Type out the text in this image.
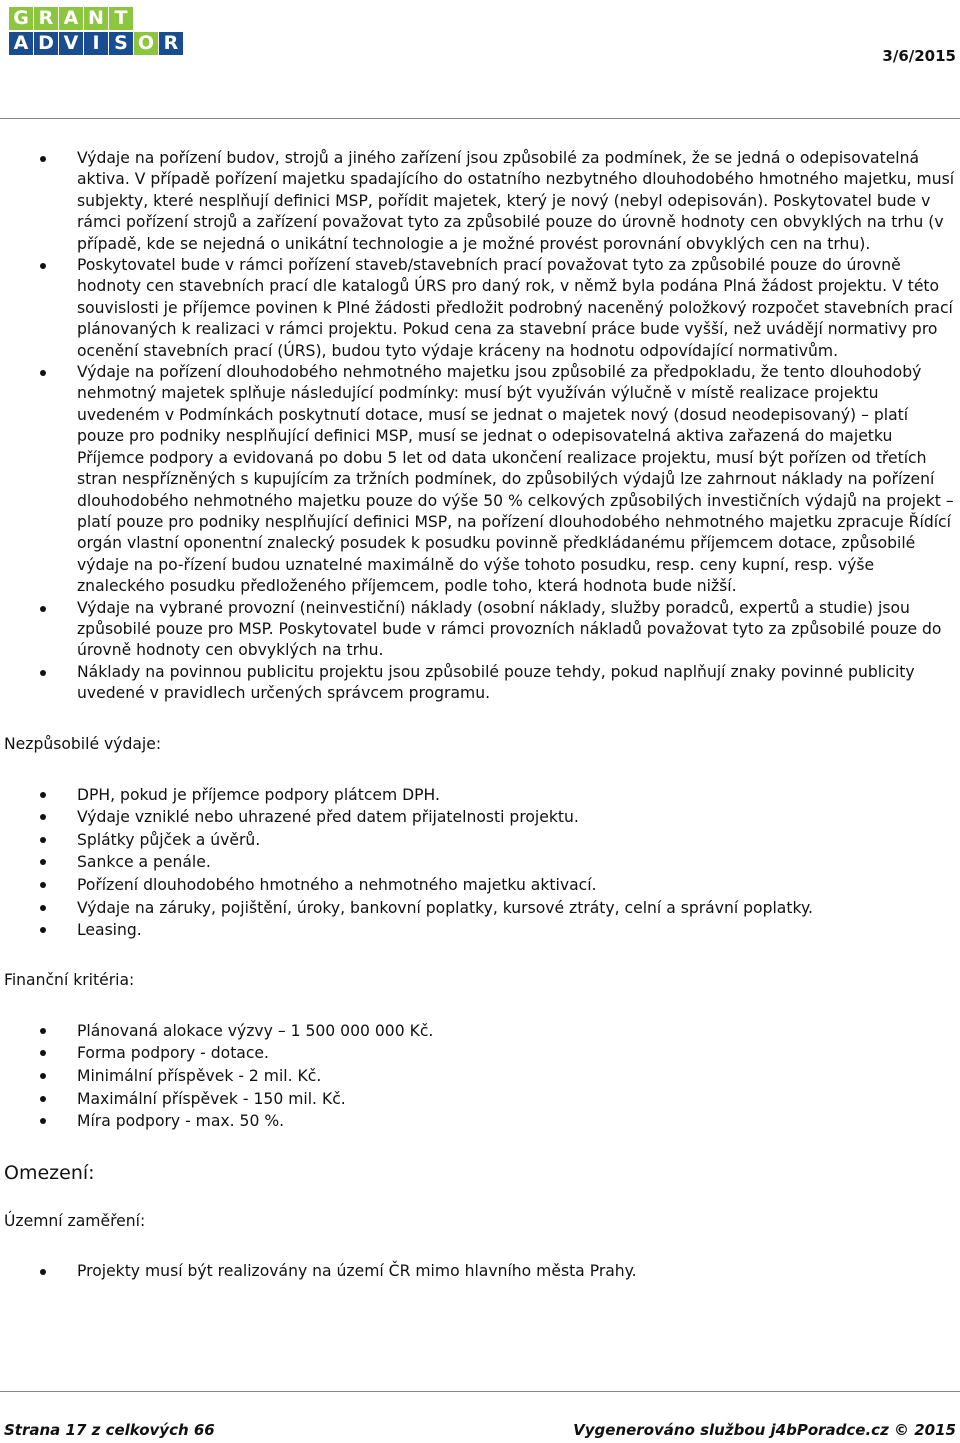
G R A N T
A D V I S O R
3/6/2015
Výdaje na pořízení budov, strojů a jiného zařízení jsou způsobilé za podmínek, že se jedná o odepisovatelná aktiva. V případě pořízení majetku spadajícího do ostatního nezbytného dlouhodobého hmotného majetku, musí subjekty, které nesplňují definici MSP, pořídit majetek, který je nový (nebyl odepisován). Poskytovatel bude v rámci pořízení strojů a zařízení považovat tyto za způsobilé pouze do úrovně hodnoty cen obvyklých na trhu (v případě, kde se nejedná o unikátní technologie a je možné provést porovnání obvyklých cen na trhu).
Poskytovatel bude v rámci pořízení staveb/stavebních prací považovat tyto za způsobilé pouze do úrovně hodnoty cen stavebních prací dle katalogů ÚRS pro daný rok, v němž byla podána Plná žádost projektu. V této souvislosti je příjemce povinen k Plné žádosti předložit podrobný naceněný položkový rozpočet stavebních prací plánovaných k realizaci v rámci projektu. Pokud cena za stavební práce bude vyšší, než uvádějí normativy pro ocenění stavebních prací (ÚRS), budou tyto výdaje kráceny na hodnotu odpovídající normativům.
Výdaje na pořízení dlouhodobého nehmotného majetku jsou způsobilé za předpokladu, že tento dlouhodobý nehmotný majetek splňuje následující podmínky: musí být využíván výlučně v místě realizace projektu uvedeném v Podmínkách poskytnutí dotace, musí se jednat o majetek nový (dosud neodepisovaný) – platí pouze pro podniky nesplňující definici MSP, musí se jednat o odepisovatelná aktiva zařazená do majetku Příjemce podpory a evidovaná po dobu 5 let od data ukončení realizace projektu, musí být pořízen od třetích stran nespřízněných s kupujícím za tržních podmínek, do způsobilých výdajů lze zahrnout náklady na pořízení dlouhodobého nehmotného majetku pouze do výše 50 % celkových způsobilých investičních výdajů na projekt – platí pouze pro podniky nesplňující definici MSP, na pořízení dlouhodobého nehmotného majetku zpracuje Řídící orgán vlastní oponentní znalecký posudek k posudku povinně předkládanému příjemcem dotace, způsobilé výdaje na po-řízení budou uznatelné maximálně do výše tohoto posudku, resp. ceny kupní, resp. výše znaleckého posudku předloženého příjemcem, podle toho, která hodnota bude nižší.
Výdaje na vybrané provozní (neinvestiční) náklady (osobní náklady, služby poradců, expertů a studie) jsou způsobilé pouze pro MSP. Poskytovatel bude v rámci provozních nákladů považovat tyto za způsobilé pouze do úrovně hodnoty cen obvyklých na trhu.
Náklady na povinnou publicitu projektu jsou způsobilé pouze tehdy, pokud naplňují znaky povinné publicity uvedené v pravidlech určených správcem programu.
Nezpůsobilé výdaje:
DPH, pokud je příjemce podpory plátcem DPH.
Výdaje vzniklé nebo uhrazené před datem přijatelnosti projektu.
Splátky půjček a úvěrů.
Sankce a penále.
Pořízení dlouhodobého hmotného a nehmotného majetku aktivací.
Výdaje na záruky, pojištění, úroky, bankovní poplatky, kursové ztráty, celní a správní poplatky.
Leasing.
Finanční kritéria:
Plánovaná alokace výzvy – 1 500 000 000 Kč.
Forma podpory - dotace.
Minimální příspěvek - 2 mil. Kč.
Maximální příspěvek - 150 mil. Kč.
Míra podpory - max. 50 %.
Omezení:
Územní zaměření:
Projekty musí být realizovány na území ČR mimo hlavního města Prahy.
Strana 17 z celkových 66	Vygenerováno službou j4bPoradce.cz © 2015
